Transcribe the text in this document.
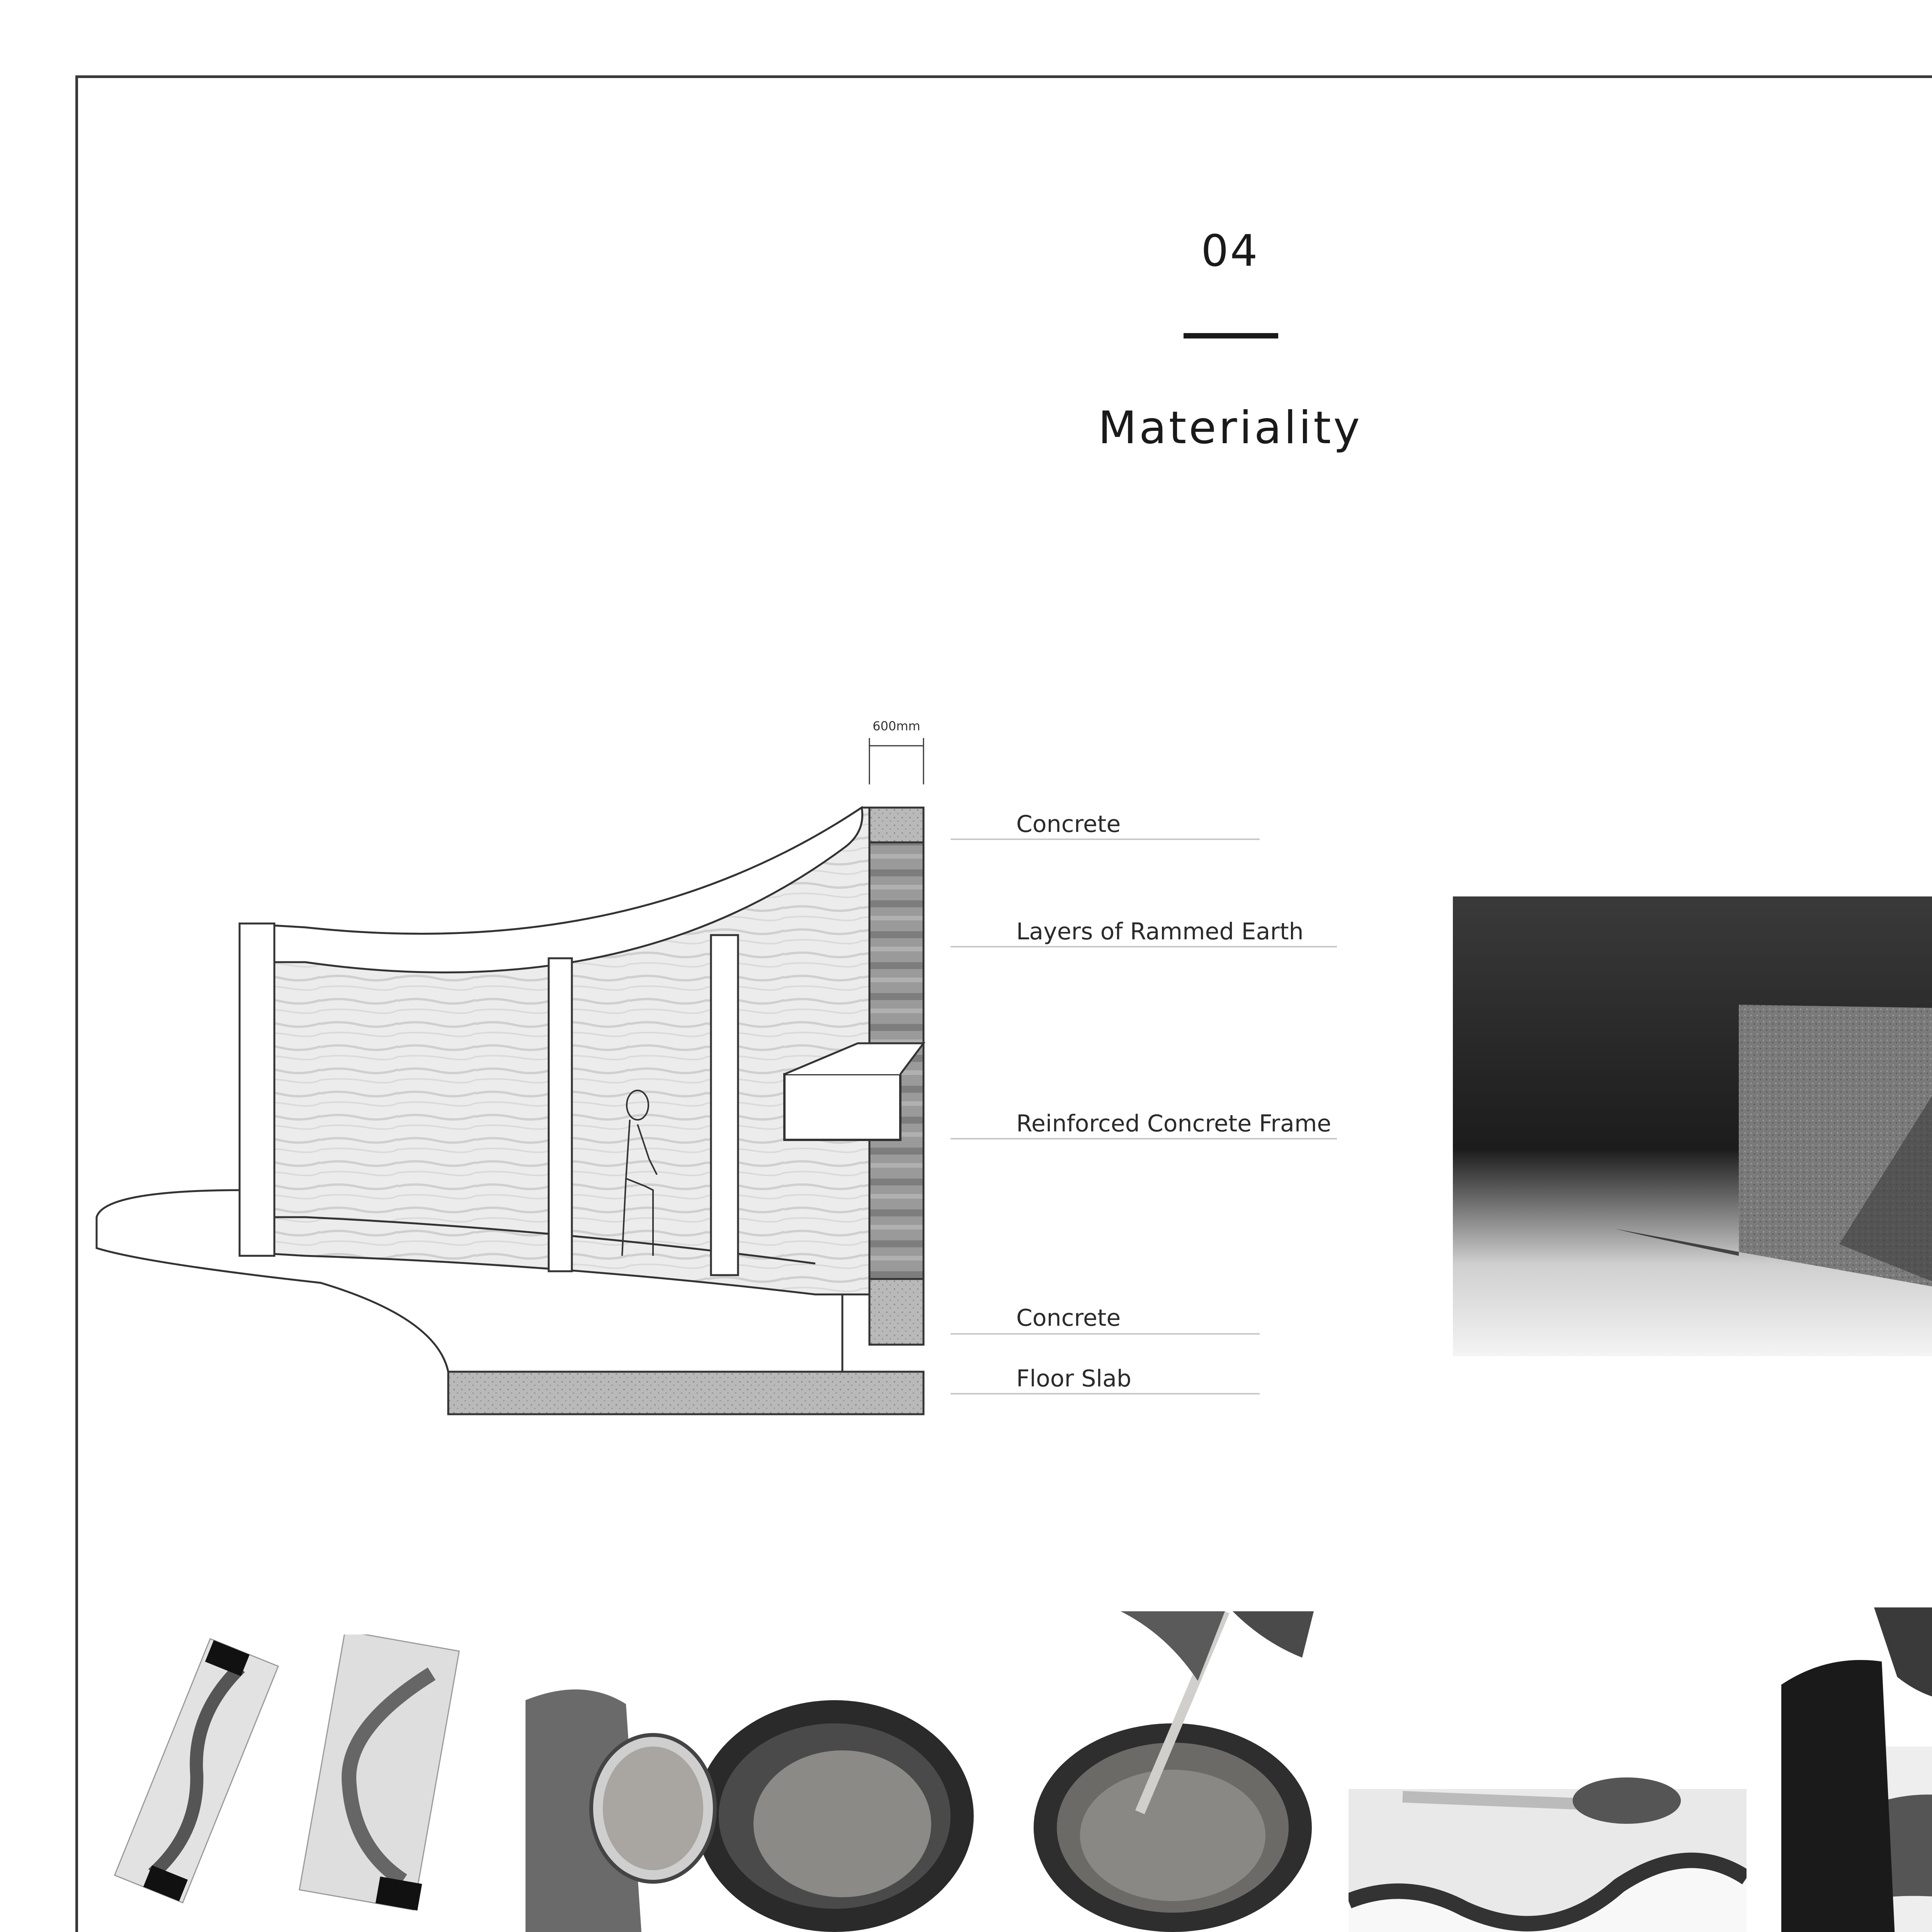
04
Materiality
600mm
Concrete
Layers of Rammed Earth
Reinforced Concrete Frame
Concrete
Floor Slab
